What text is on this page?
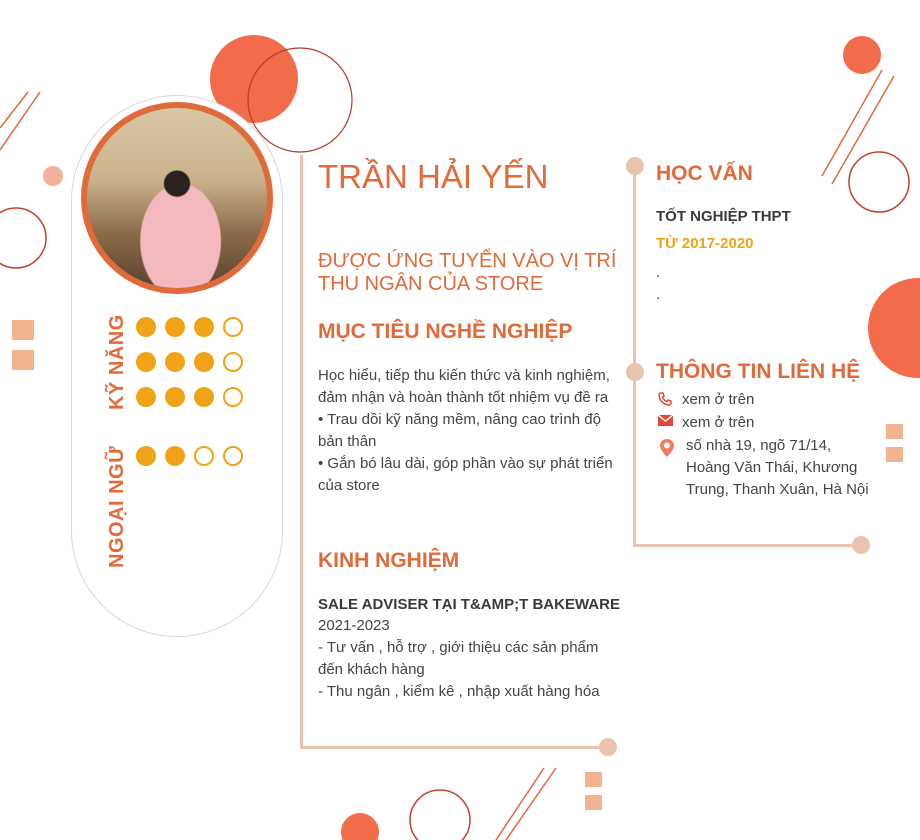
KỸ NĂNG
NGOẠI NGỮ
TRẦN HẢI YẾN
ĐƯỢC ỨNG TUYỂN VÀO VỊ TRÍ THU NGÂN CỦA STORE
MỤC TIÊU NGHỀ NGHIỆP
Học hiểu, tiếp thu kiến thức và kinh nghiệm, đảm nhận và hoàn thành tốt nhiệm vụ đề ra
• Trau dồi kỹ năng mềm, nâng cao trình độ bản thân
• Gắn bó lâu dài, góp phần vào sự phát triển của store
KINH NGHIỆM
SALE ADVISER TẠI T&AMP;T BAKEWARE
2021-2023
- Tư vấn , hỗ trợ , giới thiệu các sản phẩm đến khách hàng
- Thu ngân , kiểm kê , nhập xuất hàng hóa
HỌC VẤN
TỐT NGHIỆP THPT
TỪ 2017-2020
.
.
THÔNG TIN LIÊN HỆ
xem ở trên
xem ở trên
số nhà 19, ngõ 71/14, Hoàng Văn Thái, Khương Trung, Thanh Xuân, Hà Nội
